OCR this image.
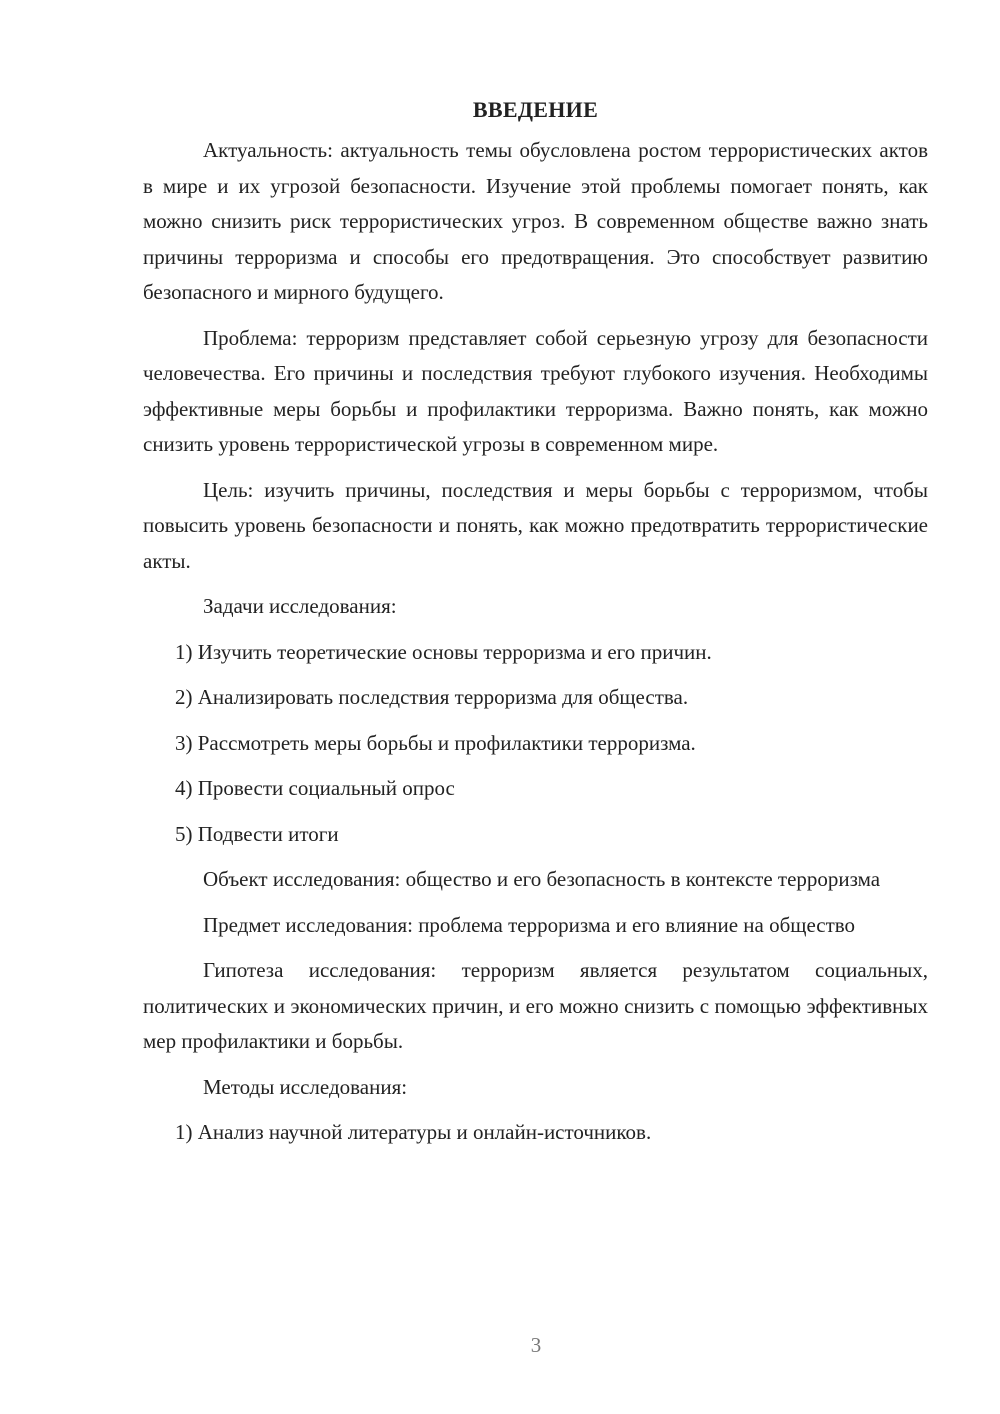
ВВЕДЕНИЕ

Актуальность: актуальность темы обусловлена ростом террористических актов в мире и их угрозой безопасности. Изучение этой проблемы помогает понять, как можно снизить риск террористических угроз. В современном обществе важно знать причины терроризма и способы его предотвращения. Это способствует развитию безопасного и мирного будущего.

Проблема: терроризм представляет собой серьезную угрозу для безопасности человечества. Его причины и последствия требуют глубокого изучения. Необходимы эффективные меры борьбы и профилактики терроризма. Важно понять, как можно снизить уровень террористической угрозы в современном мире.

Цель: изучить причины, последствия и меры борьбы с терроризмом, чтобы повысить уровень безопасности и понять, как можно предотвратить террористические акты.

Задачи исследования:

1) Изучить теоретические основы терроризма и его причин.

2) Анализировать последствия терроризма для общества.

3) Рассмотреть меры борьбы и профилактики терроризма.

4) Провести социальный опрос

5) Подвести итоги

Объект исследования: общество и его безопасность в контексте терроризма

Предмет исследования: проблема терроризма и его влияние на общество

Гипотеза исследования: терроризм является результатом социальных, политических и экономических причин, и его можно снизить с помощью эффективных мер профилактики и борьбы.

Методы исследования:

1) Анализ научной литературы и онлайн-источников.

3
